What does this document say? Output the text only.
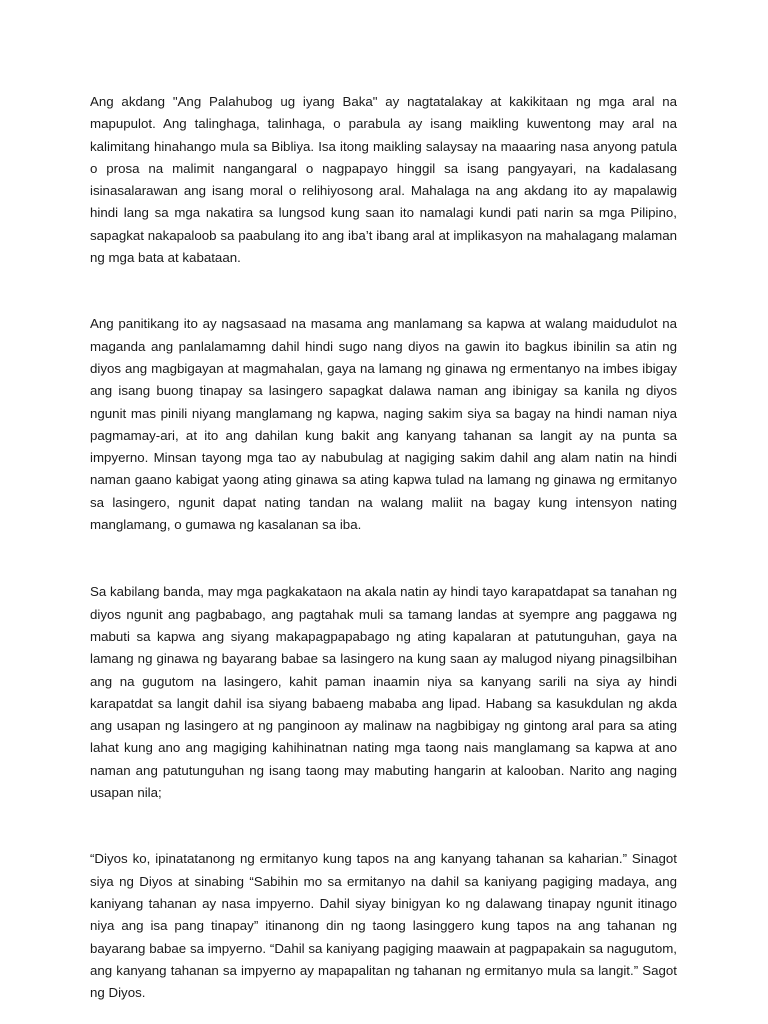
Ang akdang "Ang Palahubog ug iyang Baka" ay nagtatalakay at kakikitaan ng mga aral na mapupulot. Ang talinghaga, talinhaga, o parabula ay isang maikling kuwentong may aral na kalimitang hinahango mula sa Bibliya. Isa itong maikling salaysay na maaaring nasa anyong patula o prosa na malimit nangangaral o nagpapayo hinggil sa isang pangyayari, na kadalasang isinasalarawan ang isang moral o relihiyosong aral. Mahalaga na ang akdang ito ay mapalawig hindi lang sa mga nakatira sa lungsod kung saan ito namalagi kundi pati narin sa mga Pilipino, sapagkat nakapaloob sa paabulang ito ang iba’t ibang aral at implikasyon na mahalagang malaman ng mga bata at kabataan.

Ang panitikang ito ay nagsasaad na masama ang manlamang sa kapwa at walang maidudulot na maganda ang panlalamamng dahil hindi sugo nang diyos na gawin ito bagkus ibinilin sa atin ng diyos ang magbigayan at magmahalan, gaya na lamang ng ginawa ng ermentanyo na imbes ibigay ang isang buong tinapay sa lasingero sapagkat dalawa naman ang ibinigay sa kanila ng diyos ngunit mas pinili niyang manglamang ng kapwa, naging sakim siya sa bagay na hindi naman niya pagmamay-ari, at ito ang dahilan kung bakit ang kanyang tahanan sa langit ay na punta sa impyerno. Minsan tayong mga tao ay nabubulag at nagiging sakim dahil ang alam natin na hindi naman gaano kabigat yaong ating ginawa sa ating kapwa tulad na lamang ng ginawa ng ermitanyo sa lasingero, ngunit dapat nating tandan na walang maliit na bagay kung intensyon nating manglamang, o gumawa ng kasalanan sa iba.

Sa kabilang banda, may mga pagkakataon na akala natin ay hindi tayo karapatdapat sa tanahan ng diyos ngunit ang pagbabago, ang pagtahak muli sa tamang landas at syempre ang paggawa ng mabuti sa kapwa ang siyang makapagpapabago ng ating kapalaran at patutunguhan, gaya na lamang ng ginawa ng bayarang babae sa lasingero na kung saan ay malugod niyang pinagsilbihan ang na gugutom na lasingero, kahit paman inaamin niya sa kanyang sarili na siya ay hindi karapatdat sa langit dahil isa siyang babaeng mababa ang lipad. Habang sa kasukdulan ng akda ang usapan ng lasingero at ng panginoon ay malinaw na nagbibigay ng gintong aral para sa ating lahat kung ano ang magiging kahihinatnan nating mga taong nais manglamang sa kapwa at ano naman ang patutunguhan ng isang taong may mabuting hangarin at kalooban. Narito ang naging usapan nila;

“Diyos ko, ipinatatanong ng ermitanyo kung tapos na ang kanyang tahanan sa kaharian.” Sinagot siya ng Diyos at sinabing “Sabihin mo sa ermitanyo na dahil sa kaniyang pagiging madaya, ang kaniyang tahanan ay nasa impyerno. Dahil siyay binigyan ko ng dalawang tinapay ngunit itinago niya ang isa pang tinapay” itinanong din ng taong lasinggero kung tapos na ang tahanan ng bayarang babae sa impyerno. “Dahil sa kaniyang pagiging maawain at pagpapakain sa nagugutom, ang kanyang tahanan sa impyerno ay mapapalitan ng tahanan ng ermitanyo mula sa langit.” Sagot ng Diyos.
